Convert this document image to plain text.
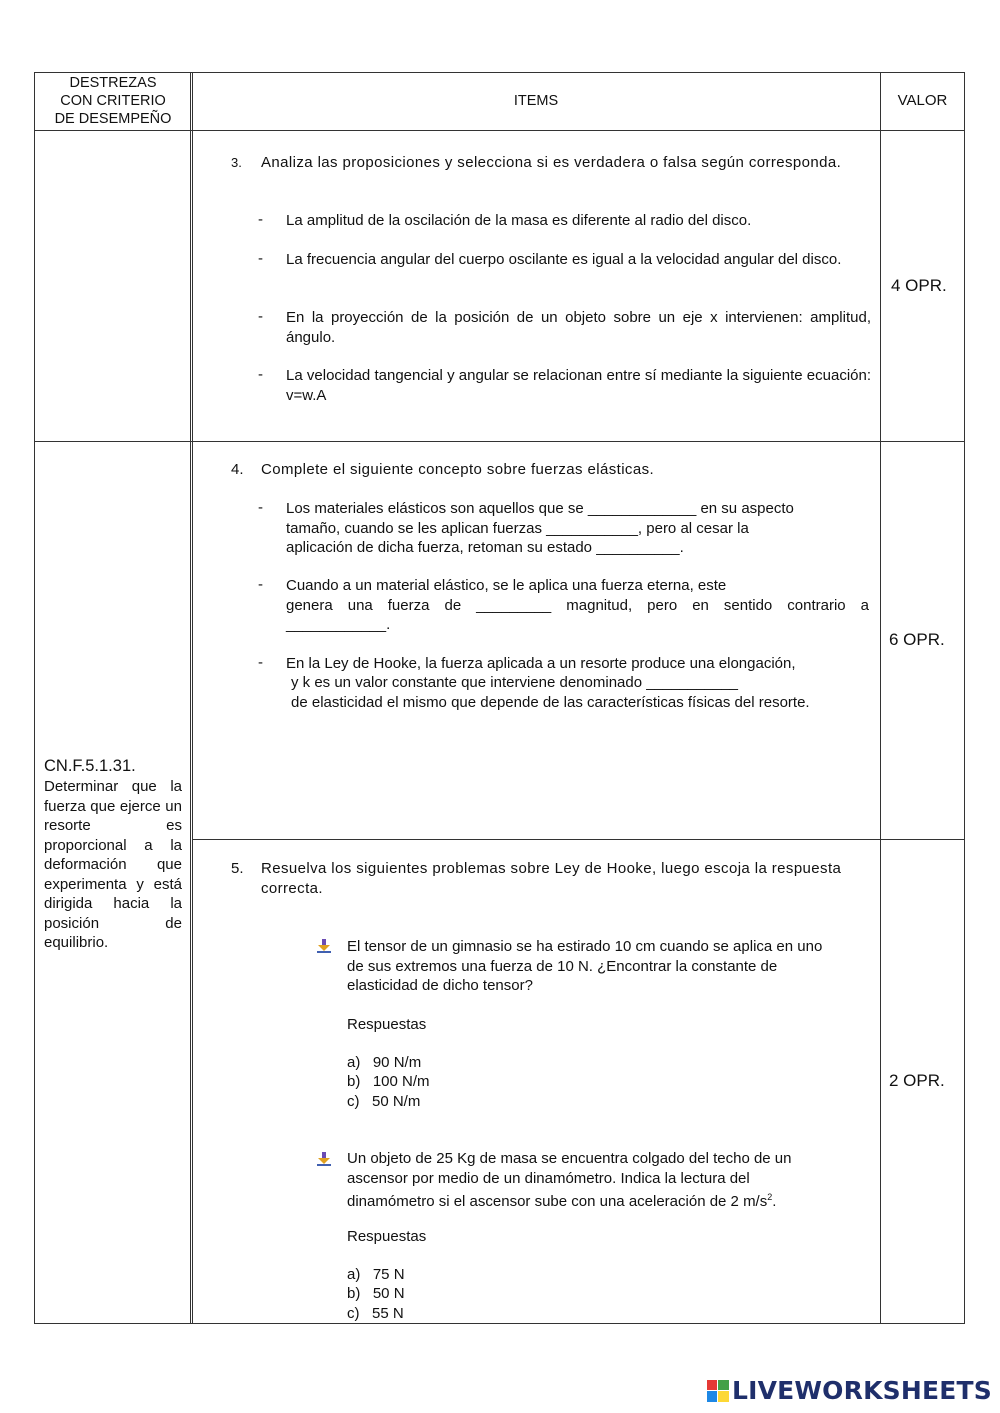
DESTREZAS
CON CRITERIO
DE DESEMPEÑO
ITEMS	VALOR
3. Analiza las proposiciones y selecciona si es verdadera o falsa según corresponda.
- La amplitud de la oscilación de la masa es diferente al radio del disco.
- La frecuencia angular del cuerpo oscilante es igual a la velocidad angular del disco.
- En la proyección de la posición de un objeto sobre un eje x intervienen: amplitud, ángulo.
- La velocidad tangencial y angular se relacionan entre sí mediante la siguiente ecuación: v=w.A
4 OPR.
CN.F.5.1.31.
Determinar que la fuerza que ejerce un resorte es proporcional a la deformación que experimenta y está dirigida hacia la posición de equilibrio.
4. Complete el siguiente concepto sobre fuerzas elásticas.
- Los materiales elásticos son aquellos que se _____________ en su aspecto
tamaño, cuando se les aplican fuerzas ___________, pero al cesar la
aplicación de dicha fuerza, retoman su estado __________.
- Cuando a un material elástico, se le aplica una fuerza eterna, este
genera una fuerza de _________ magnitud, pero en sentido contrario a
____________.
- En la Ley de Hooke, la fuerza aplicada a un resorte produce una elongación,
y k es un valor constante que interviene denominado ___________
de elasticidad el mismo que depende de las características físicas del resorte.
6 OPR.
5. Resuelva los siguientes problemas sobre Ley de Hooke, luego escoja la respuesta correcta.
El tensor de un gimnasio se ha estirado 10 cm cuando se aplica en uno
de sus extremos una fuerza de 10 N. ¿Encontrar la constante de
elasticidad de dicho tensor?
Respuestas
a)   90 N/m
b)   100 N/m
c)   50 N/m
2 OPR.
Un objeto de 25 Kg de masa se encuentra colgado del techo de un
ascensor por medio de un dinamómetro. Indica la lectura del
dinamómetro si el ascensor sube con una aceleración de 2 $m/s^2$.
Respuestas
a)   75 N
b)   50 N
c)   55 N
LIVEWORKSHEETS
